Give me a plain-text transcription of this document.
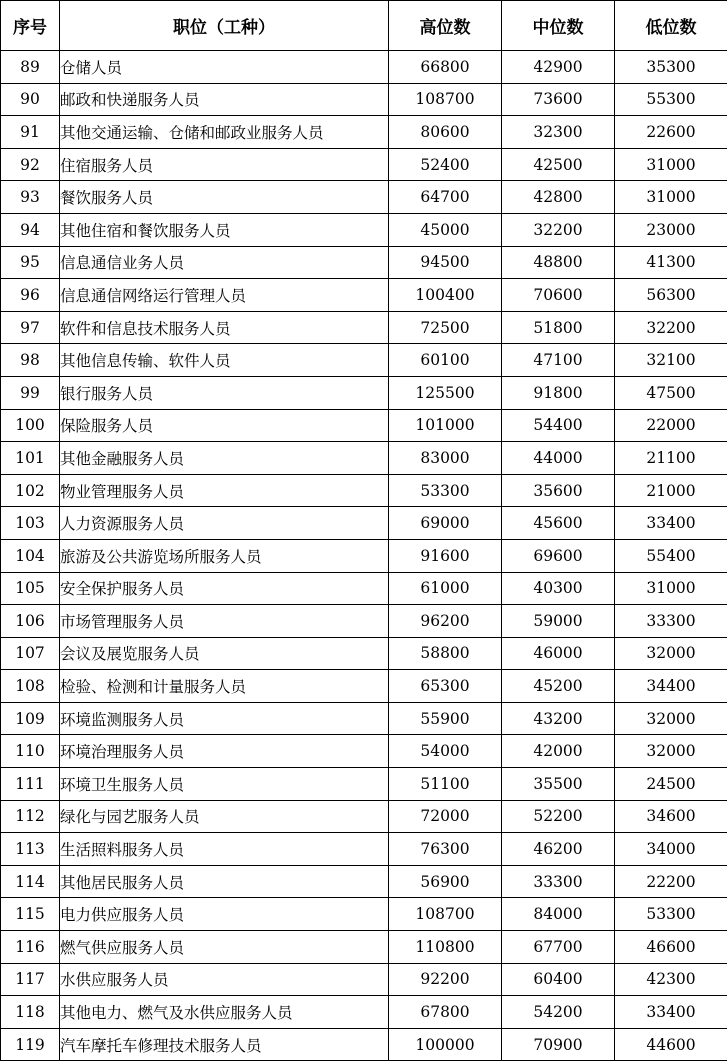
序号	职位（工种）	高位数	中位数	低位数
89	仓储人员	66800	42900	35300
90	邮政和快递服务人员	108700	73600	55300
91	其他交通运输、仓储和邮政业服务人员	80600	32300	22600
92	住宿服务人员	52400	42500	31000
93	餐饮服务人员	64700	42800	31000
94	其他住宿和餐饮服务人员	45000	32200	23000
95	信息通信业务人员	94500	48800	41300
96	信息通信网络运行管理人员	100400	70600	56300
97	软件和信息技术服务人员	72500	51800	32200
98	其他信息传输、软件人员	60100	47100	32100
99	银行服务人员	125500	91800	47500
100	保险服务人员	101000	54400	22000
101	其他金融服务人员	83000	44000	21100
102	物业管理服务人员	53300	35600	21000
103	人力资源服务人员	69000	45600	33400
104	旅游及公共游览场所服务人员	91600	69600	55400
105	安全保护服务人员	61000	40300	31000
106	市场管理服务人员	96200	59000	33300
107	会议及展览服务人员	58800	46000	32000
108	检验、检测和计量服务人员	65300	45200	34400
109	环境监测服务人员	55900	43200	32000
110	环境治理服务人员	54000	42000	32000
111	环境卫生服务人员	51100	35500	24500
112	绿化与园艺服务人员	72000	52200	34600
113	生活照料服务人员	76300	46200	34000
114	其他居民服务人员	56900	33300	22200
115	电力供应服务人员	108700	84000	53300
116	燃气供应服务人员	110800	67700	46600
117	水供应服务人员	92200	60400	42300
118	其他电力、燃气及水供应服务人员	67800	54200	33400
119	汽车摩托车修理技术服务人员	100000	70900	44600
